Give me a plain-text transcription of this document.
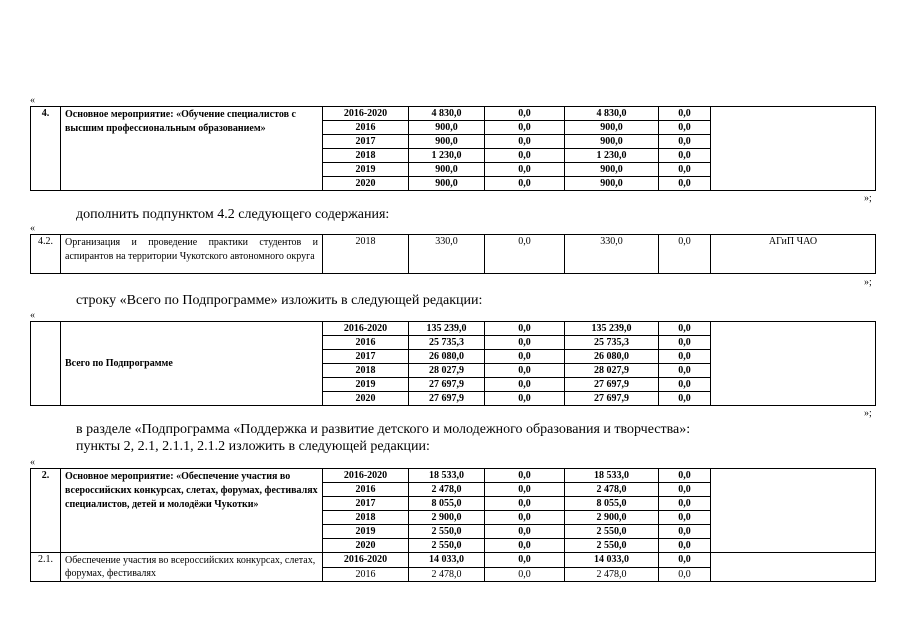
«
4.	Основное мероприятие: «Обучение специалистов с высшим профессиональным образованием»	2016-2020	4 830,0	0,0	4 830,0	0,0	
		2016	900,0	0,0	900,0	0,0	
		2017	900,0	0,0	900,0	0,0	
		2018	1 230,0	0,0	1 230,0	0,0	
		2019	900,0	0,0	900,0	0,0	
		2020	900,0	0,0	900,0	0,0	
»;
дополнить подпунктом 4.2 следующего содержания:
«
4.2.	Организация и проведение практики студентов и аспирантов на территории Чукотского автономного округа	2018	330,0	0,0	330,0	0,0	АГиП ЧАО
»;
строку «Всего по Подпрограмме» изложить в следующей редакции:
«
	Всего по Подпрограмме	2016-2020	135 239,0	0,0	135 239,0	0,0	
		2016	25 735,3	0,0	25 735,3	0,0	
		2017	26 080,0	0,0	26 080,0	0,0	
		2018	28 027,9	0,0	28 027,9	0,0	
		2019	27 697,9	0,0	27 697,9	0,0	
		2020	27 697,9	0,0	27 697,9	0,0	
»;
в разделе «Подпрограмма «Поддержка и развитие детского и молодежного образования и творчества»:
пункты 2, 2.1, 2.1.1, 2.1.2 изложить в следующей редакции:
«
2.	Основное мероприятие: «Обеспечение участия во всероссийских конкурсах, слетах, форумах, фестивалях специалистов, детей и молодёжи Чукотки»	2016-2020	18 533,0	0,0	18 533,0	0,0	
		2016	2 478,0	0,0	2 478,0	0,0	
		2017	8 055,0	0,0	8 055,0	0,0	
		2018	2 900,0	0,0	2 900,0	0,0	
		2019	2 550,0	0,0	2 550,0	0,0	
		2020	2 550,0	0,0	2 550,0	0,0	
2.1.	Обеспечение участия во всероссийских конкурсах, слетах, форумах, фестивалях	2016-2020	14 033,0	0,0	14 033,0	0,0	
		2016	2 478,0	0,0	2 478,0	0,0	
